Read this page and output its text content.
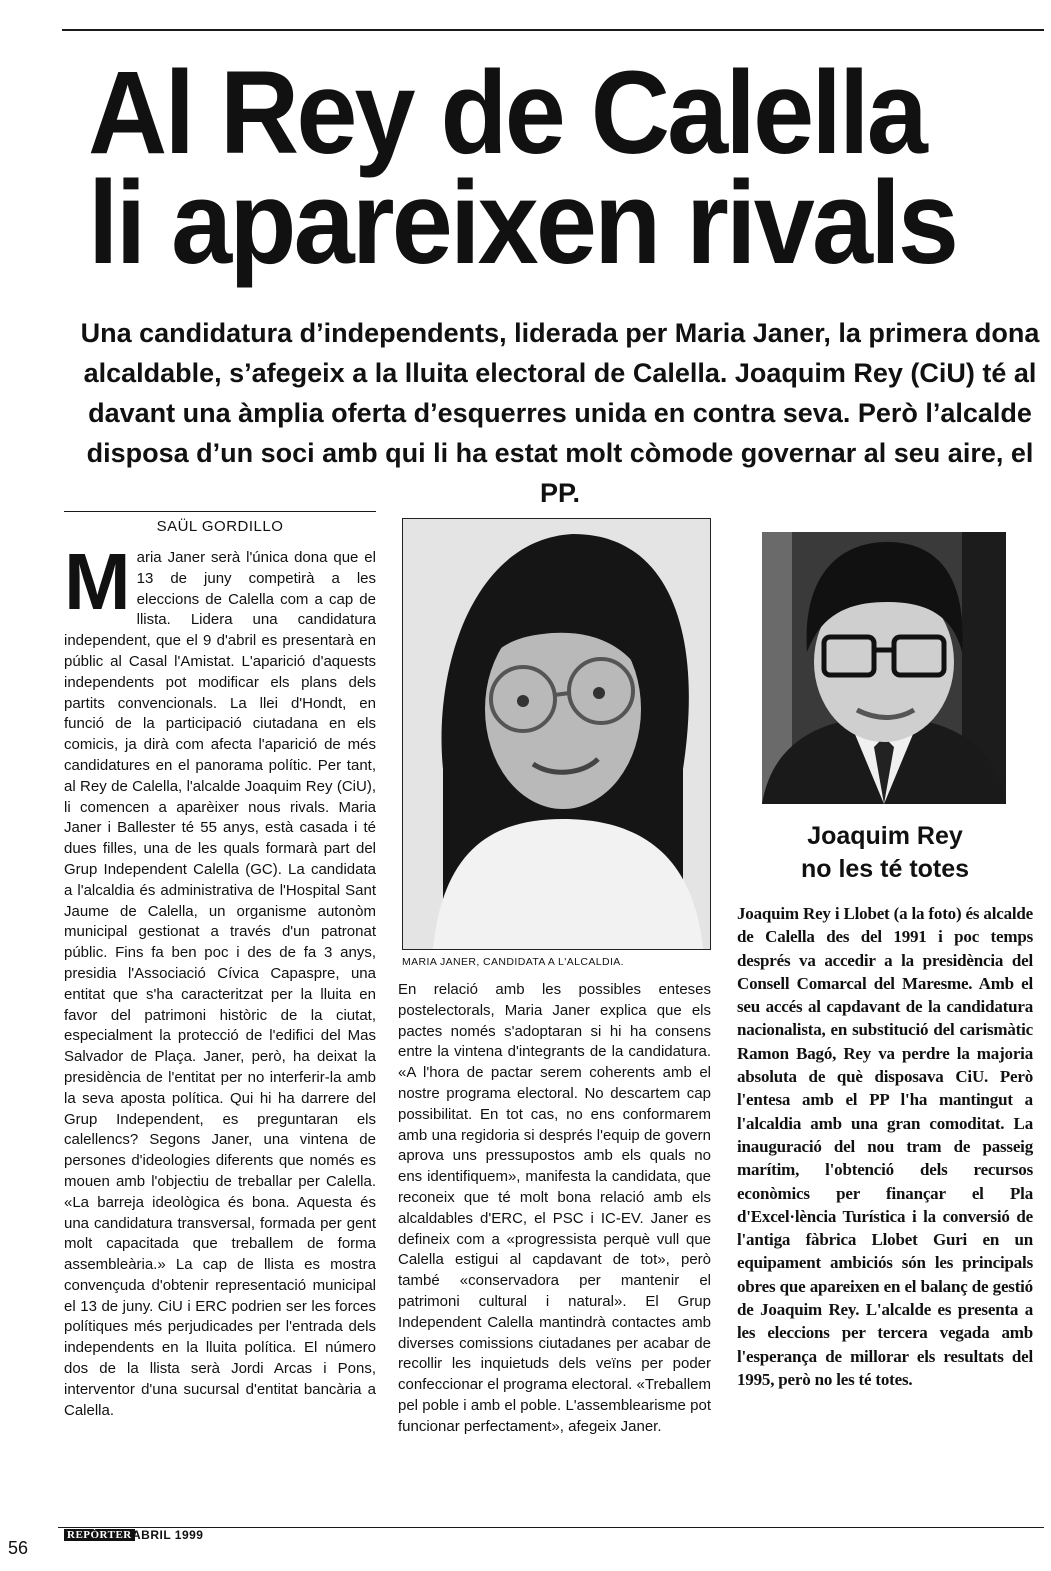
Al Rey de Calella
li apareixen rivals

Una candidatura d’independents, liderada per Maria Janer, la primera dona alcaldable, s’afegeix a la lluita electoral de Calella. Joaquim Rey (CiU) té al davant una àmplia oferta d’esquerres unida en contra seva. Però l’alcalde disposa d’un soci amb qui li ha estat molt còmode governar al seu aire, el PP.

SAÜL GORDILLO
M aria Janer serà l'única dona que el 13 de juny competirà a les eleccions de Calella com a cap de llista. Lidera una candidatura independent, que el 9 d'abril es presentarà en públic al Casal l'Amistat. L'aparició d'aquests independents pot modificar els plans dels partits convencionals. La llei d'Hondt, en funció de la participació ciutadana en els comicis, ja dirà com afecta l'aparició de més candidatures en el panorama polític. Per tant, al Rey de Calella, l'alcalde Joaquim Rey (CiU), li comencen a aparèixer nous rivals. Maria Janer i Ballester té 55 anys, està casada i té dues filles, una de les quals formarà part del Grup Independent Calella (GC). La candidata a l'alcaldia és administrativa de l'Hospital Sant Jaume de Calella, un organisme autonòm municipal gestionat a través d'un patronat públic. Fins fa ben poc i des de fa 3 anys, presidia l'Associació Cívica Capaspre, una entitat que s'ha caracteritzat per la lluita en favor del patrimoni històric de la ciutat, especialment la protecció de l'edifici del Mas Salvador de Plaça. Janer, però, ha deixat la presidència de l'entitat per no interferir-la amb la seva aposta política. Qui hi ha darrere del Grup Independent, es preguntaran els calellencs? Segons Janer, una vintena de persones d'ideologies diferents que només es mouen amb l'objectiu de treballar per Calella. «La barreja ideològica és bona. Aquesta és una candidatura transversal, formada per gent molt capacitada que treballem de forma assembleària.» La cap de llista es mostra convençuda d'obtenir representació municipal el 13 de juny. CiU i ERC podrien ser les forces polítiques més perjudicades per l'entrada dels independents en la lluita política. El número dos de la llista serà Jordi Arcas i Pons, interventor d'una sucursal d'entitat bancària a Calella.

MARIA JANER, CANDIDATA A L'ALCALDIA.

En relació amb les possibles enteses postelectorals, Maria Janer explica que els pactes només s'adoptaran si hi ha consens entre la vintena d'integrants de la candidatura. «A l'hora de pactar serem coherents amb el nostre programa electoral. No descartem cap possibilitat. En tot cas, no ens conformarem amb una regidoria si després l'equip de govern aprova uns pressupostos amb els quals no ens identifiquem», manifesta la candidata, que reconeix que té molt bona relació amb els alcaldables d'ERC, el PSC i IC-EV. Janer es defineix com a «progressista perquè vull que Calella estigui al capdavant de tot», però també «conservadora per mantenir el patrimoni cultural i natural». El Grup Independent Calella mantindrà contactes amb diverses comissions ciutadanes per acabar de recollir les inquietuds dels veïns per poder confeccionar el programa electoral. «Treballem pel poble i amb el poble. L'assemblearisme pot funcionar perfectament», afegeix Janer.

Joaquim Rey
no les té totes

Joaquim Rey i Llobet (a la foto) és alcalde de Calella des del 1991 i poc temps després va accedir a la presidència del Consell Comarcal del Maresme. Amb el seu accés al capdavant de la candidatura nacionalista, en substitució del carismàtic Ramon Bagó, Rey va perdre la majoria absoluta de què disposava CiU. Però l'entesa amb el PP l'ha mantingut a l'alcaldia amb una gran comoditat. La inauguració del nou tram de passeig marítim, l'obtenció dels recursos econòmics per finançar el Pla d'Excel·lència Turística i la conversió de l'antiga fàbrica Llobet Guri en un equipament ambiciós són les principals obres que apareixen en el balanç de gestió de Joaquim Rey. L'alcalde es presenta a les eleccions per tercera vegada amb l'esperança de millorar els resultats del 1995, però no les té totes.

56
REPÒRTER ABRIL 1999
